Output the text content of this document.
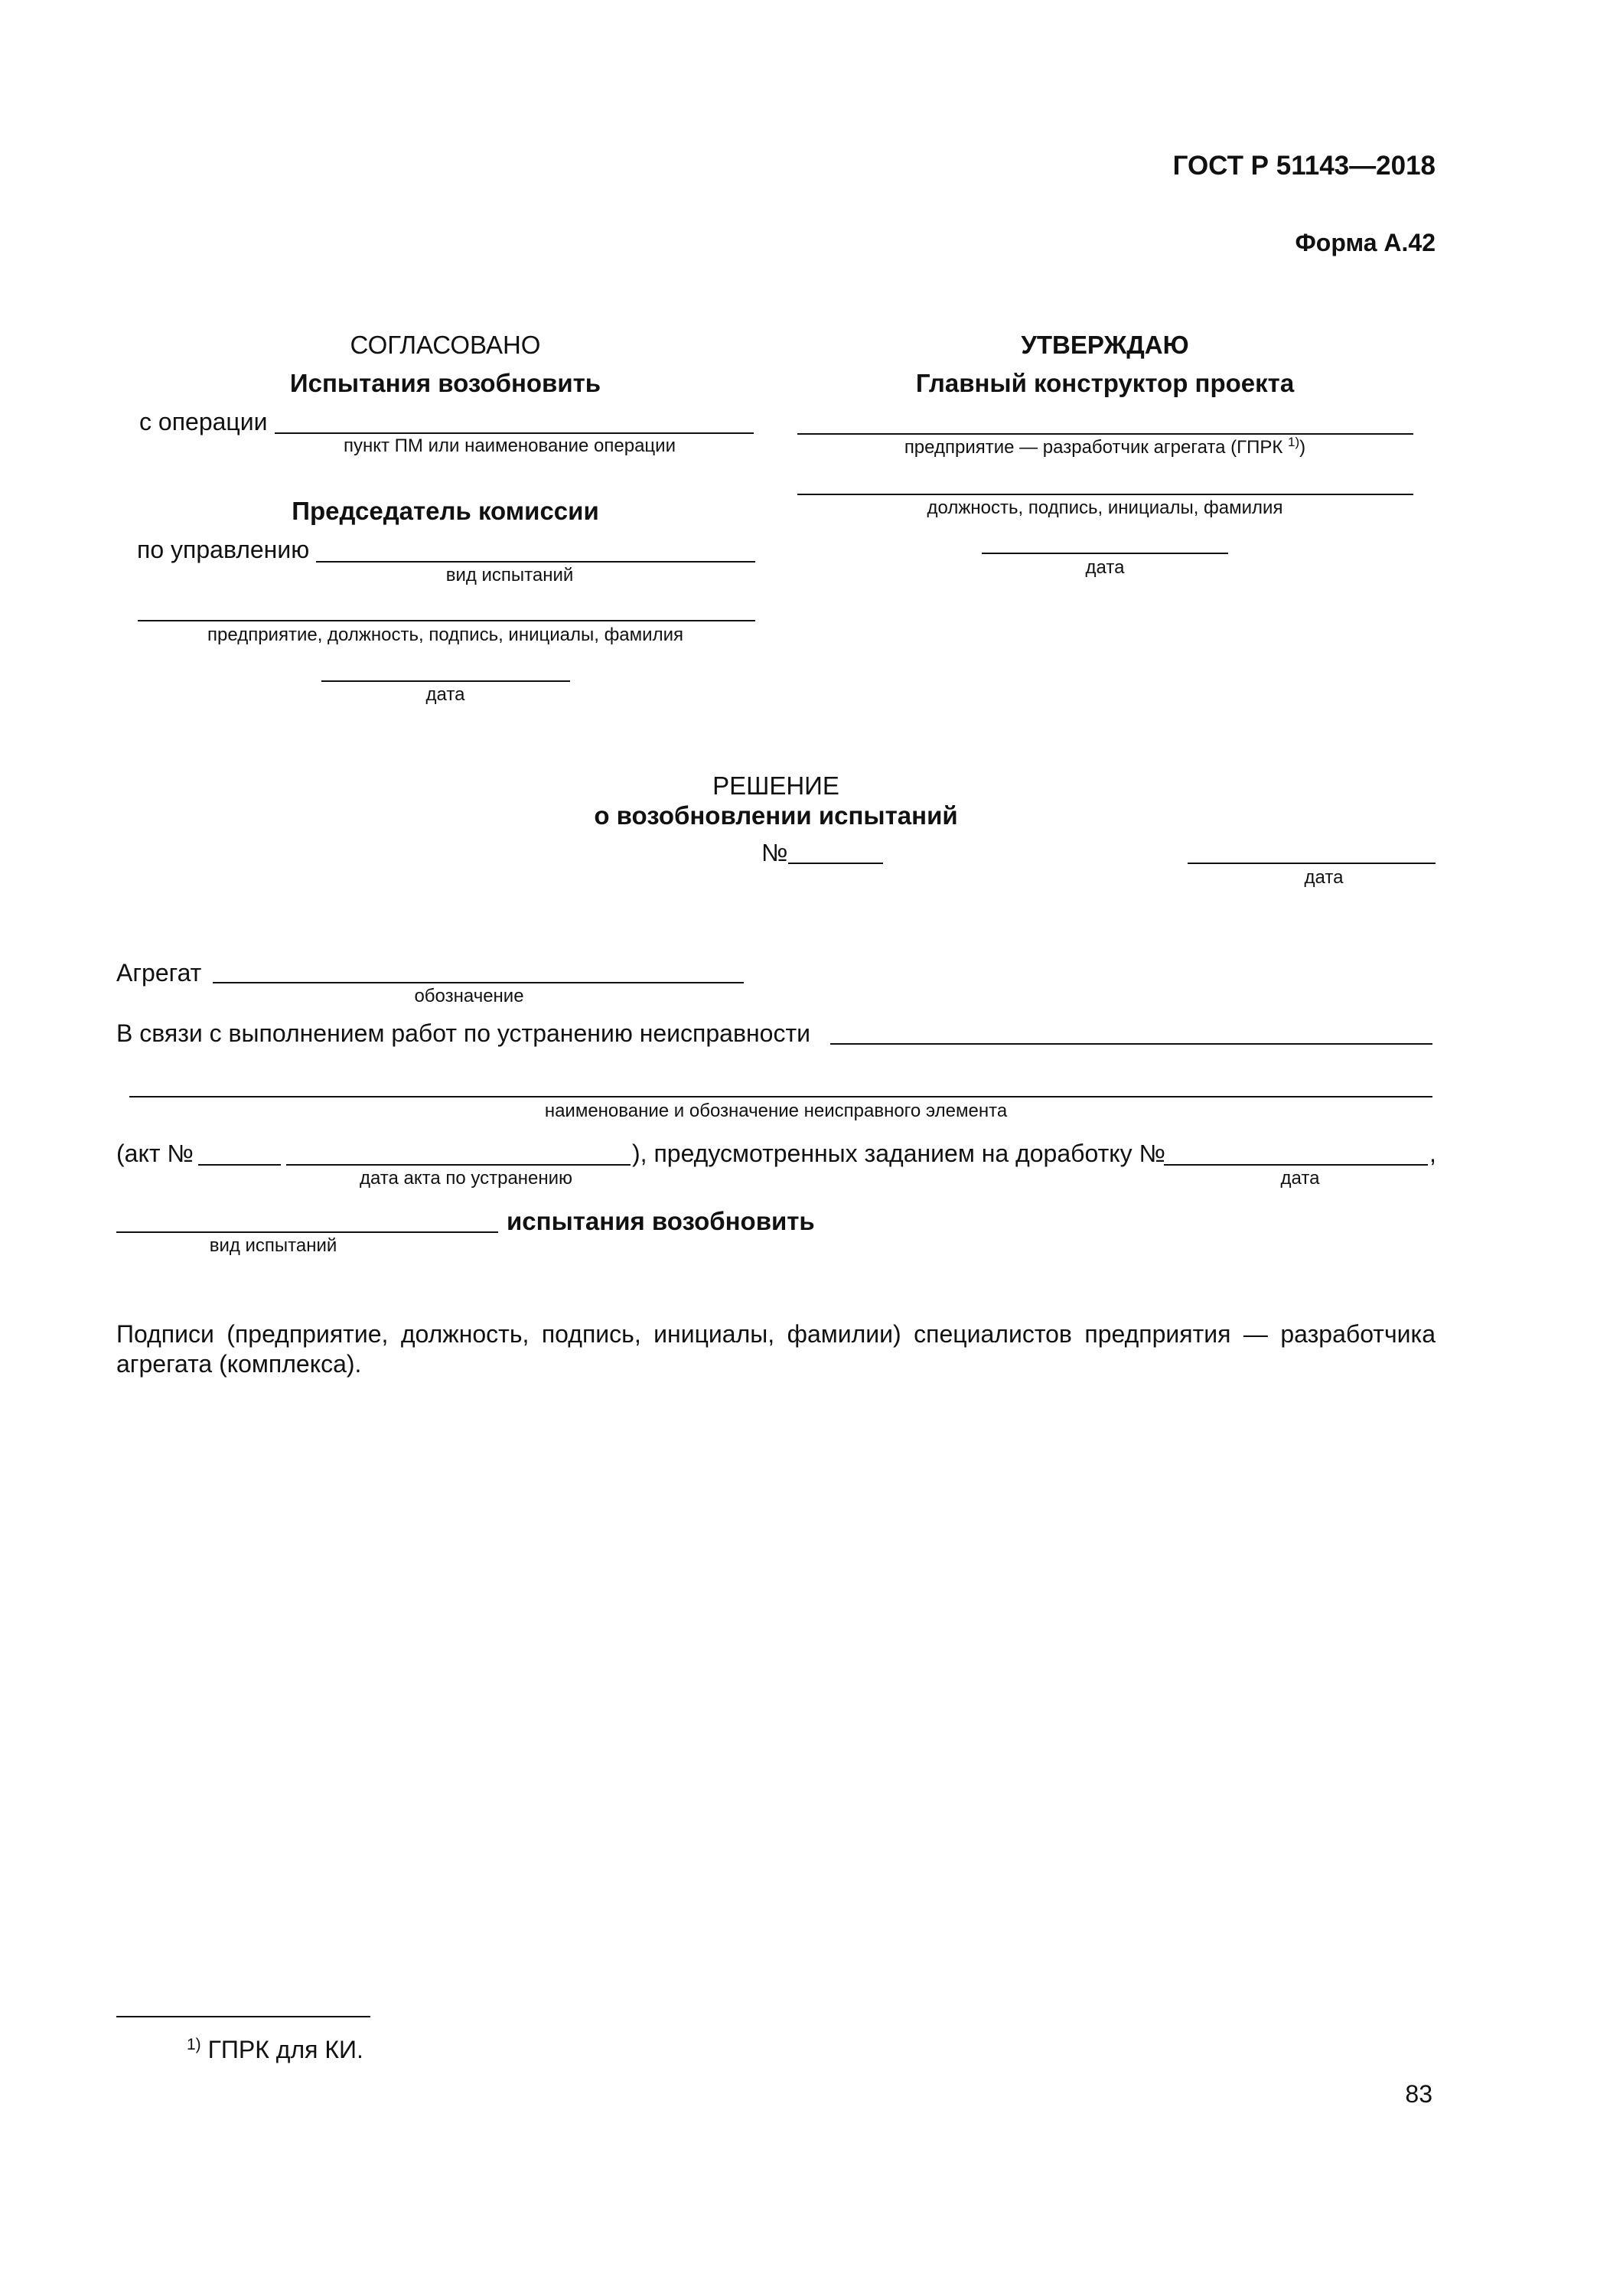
ГОСТ Р 51143—2018
Форма А.42
СОГЛАСОВАНО
Испытания возобновить
с операции
пункт ПМ или наименование операции
Председатель комиссии
по управлению
вид испытаний
предприятие, должность, подпись, инициалы, фамилия
дата
УТВЕРЖДАЮ
Главный конструктор проекта
предприятие — разработчик агрегата (ГПРК $^{1)}$)
должность, подпись, инициалы, фамилия
дата
РЕШЕНИЕ
о возобновлении испытаний
№
дата
Агрегат
обозначение
В связи с выполнением работ по устранению неисправности
наименование и обозначение неисправного элемента
(акт №	), предусмотренных заданием на доработку №	,
дата акта по устранению	дата
испытания возобновить
вид испытаний
Подписи (предприятие, должность, подпись, инициалы, фамилии) специалистов предприятия — разработчика
агрегата (комплекса).
$^{1)}$ ГПРК для КИ.
83
